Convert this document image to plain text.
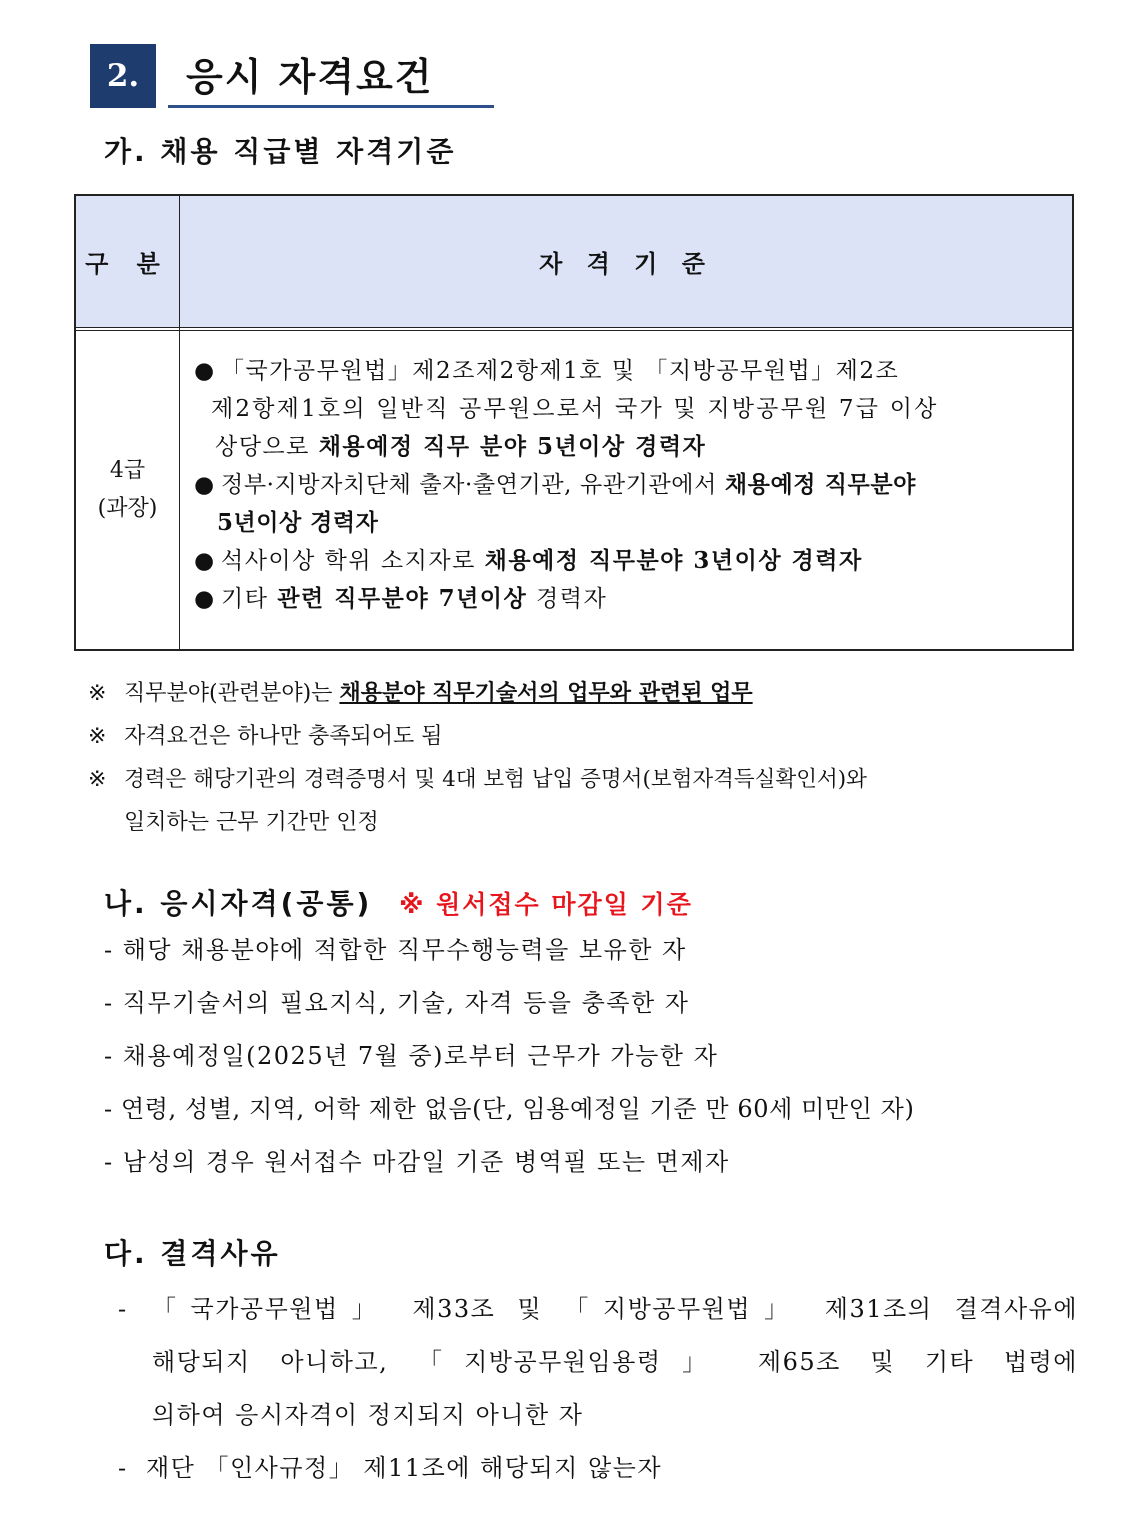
2. 응시 자격요건
가. 채용 직급별 자격기준
구 분	자 격 기 준
4급
(과장)
● 「국가공무원법」제2조제2항제1호 및 「지방공무원법」제2조
제2항제1호의 일반직 공무원으로서 국가 및 지방공무원 7급 이상
상당으로 채용예정 직무 분야 5년이상 경력자
● 정부·지방자치단체 출자·출연기관, 유관기관에서 채용예정 직무분야
5년이상 경력자
● 석사이상 학위 소지자로 채용예정 직무분야 3년이상 경력자
● 기타 관련 직무분야 7년이상 경력자
※ 직무분야(관련분야)는 채용분야 직무기술서의 업무와 관련된 업무
※ 자격요건은 하나만 충족되어도 됨
※ 경력은 해당기관의 경력증명서 및 4대 보험 납입 증명서(보험자격득실확인서)와
일치하는 근무 기간만 인정
나. 응시자격(공통) ※ 원서접수 마감일 기준
- 해당 채용분야에 적합한 직무수행능력을 보유한 자
- 직무기술서의 필요지식, 기술, 자격 등을 충족한 자
- 채용예정일(2025년 7월 중)로부터 근무가 가능한 자
- 연령, 성별, 지역, 어학 제한 없음(단, 임용예정일 기준 만 60세 미만인 자)
- 남성의 경우 원서접수 마감일 기준 병역필 또는 면제자
다. 결격사유
- 「국가공무원법」 제33조 및 「지방공무원법」 제31조의 결격사유에
해당되지 아니하고, 「지방공무원임용령」 제65조 및 기타 법령에
의하여 응시자격이 정지되지 아니한 자
- 재단 「인사규정」 제11조에 해당되지 않는자
